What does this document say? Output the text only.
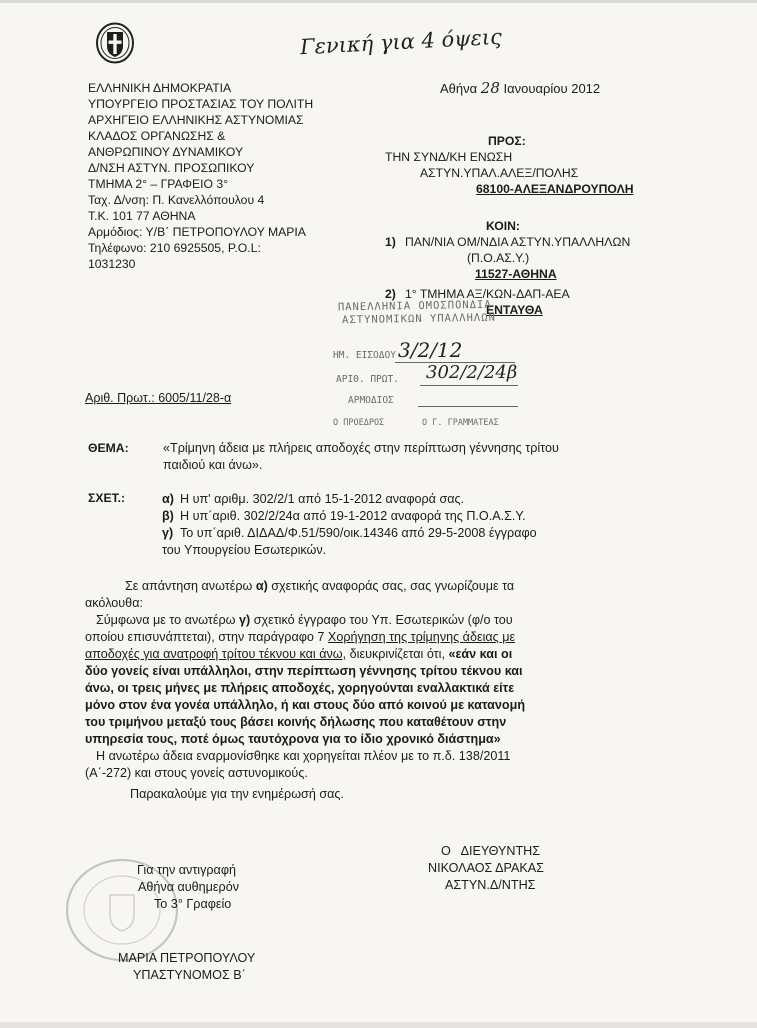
Γενική για 4 όψεις
ΕΛΛΗΝΙΚΗ ΔΗΜΟΚΡΑΤΙΑ
ΥΠΟΥΡΓΕΙΟ ΠΡΟΣΤΑΣΙΑΣ ΤΟΥ ΠΟΛΙΤΗ
ΑΡΧΗΓΕΙΟ ΕΛΛΗΝΙΚΗΣ ΑΣΤΥΝΟΜΙΑΣ
ΚΛΑΔΟΣ ΟΡΓΑΝΩΣΗΣ &
ΑΝΘΡΩΠΙΝΟΥ ΔΥΝΑΜΙΚΟΥ
Δ/ΝΣΗ ΑΣΤΥΝ. ΠΡΟΣΩΠΙΚΟΥ
ΤΜΗΜΑ 2° – ΓΡΑΦΕΙΟ 3°
Ταχ. Δ/νση: Π. Κανελλόπουλου 4
Τ.Κ. 101 77 ΑΘΗΝΑ
Αρμόδιος: Υ/Β΄ ΠΕΤΡΟΠΟΥΛΟΥ ΜΑΡΙΑ
Τηλέφωνο: 210 6925505, P.O.L:
1031230
Αθήνα 28 Ιανουαρίου 2012
ΠΡΟΣ:
ΤΗΝ ΣΥΝΔ/ΚΗ ΕΝΩΣΗ
ΑΣΤΥΝ.ΥΠΑΛ.ΑΛΕΞ/ΠΟΛΗΣ
68100-ΑΛΕΞΑΝΔΡΟΥΠΟΛΗ
ΚΟΙΝ:
1) ΠΑΝ/ΝΙΑ ΟΜ/ΝΔΙΑ ΑΣΤΥΝ.ΥΠΑΛΛΗΛΩΝ
(Π.Ο.ΑΣ.Υ.)
11527-ΑΘΗΝΑ
2) 1° ΤΜΗΜΑ ΑΞ/ΚΩΝ-ΔΑΠ-ΑΕΑ
ΕΝΤΑΥΘΑ
ΠΑΝΕΛΛΗΝΙΑ ΟΜΟΣΠΟΝΔΙΑ
ΑΣΤΥΝΟΜΙΚΩΝ ΥΠΑΛΛΗΛΩΝ
ΗΜ. ΕΙΣΟΔΟΥ 3/2/12
ΑΡΙΘ. ΠΡΩΤ. 302/2/24β
ΑΡΜΟΔΙΟΣ
Ο ΠΡΟΕΔΡΟΣ	Ο Γ. ΓΡΑΜΜΑΤΕΑΣ
Αριθ. Πρωτ.: 6005/11/28-α
ΘΕΜΑ:	«Τρίμηνη άδεια με πλήρεις αποδοχές στην περίπτωση γέννησης τρίτου
παιδιού και άνω».
ΣΧΕΤ.:	α) Η υπ' αριθμ. 302/2/1 από 15-1-2012 αναφορά σας.
β) Η υπ΄αριθ. 302/2/24α από 19-1-2012 αναφορά της Π.Ο.Α.Σ.Υ.
γ) Το υπ΄αριθ. ΔΙΔΑΔ/Φ.51/590/οικ.14346 από 29-5-2008 έγγραφο
του Υπουργείου Εσωτερικών.
Σε απάντηση ανωτέρω α) σχετικής αναφοράς σας, σας γνωρίζουμε τα
ακόλουθα:
Σύμφωνα με το ανωτέρω γ) σχετικό έγγραφο του Υπ. Εσωτερικών (φ/ο του
οποίου επισυνάπτεται), στην παράγραφο 7 Χορήγηση της τρίμηνης άδειας με
αποδοχές για ανατροφή τρίτου τέκνου και άνω, διευκρινίζεται ότι, «εάν και οι
δύο γονείς είναι υπάλληλοι, στην περίπτωση γέννησης τρίτου τέκνου και
άνω, οι τρεις μήνες με πλήρεις αποδοχές, χορηγούνται εναλλακτικά είτε
μόνο στον ένα γονέα υπάλληλο, ή και στους δύο από κοινού με κατανομή
του τριμήνου μεταξύ τους βάσει κοινής δήλωσης που καταθέτουν στην
υπηρεσία τους, ποτέ όμως ταυτόχρονα για το ίδιο χρονικό διάστημα»
Η ανωτέρω άδεια εναρμονίσθηκε και χορηγείται πλέον με το π.δ. 138/2011
(Α΄-272) και στους γονείς αστυνομικούς.
Παρακαλούμε για την ενημέρωσή σας.
Ο   ΔΙΕΥΘΥΝΤΗΣ
ΝΙΚΟΛΑΟΣ ΔΡΑΚΑΣ
ΑΣΤΥΝ.Δ/ΝΤΗΣ
Για την αντιγραφή
Αθήνα αυθημερόν
Το 3° Γραφείο
ΜΑΡΙΑ ΠΕΤΡΟΠΟΥΛΟΥ
ΥΠΑΣΤΥΝΟΜΟΣ Β΄
